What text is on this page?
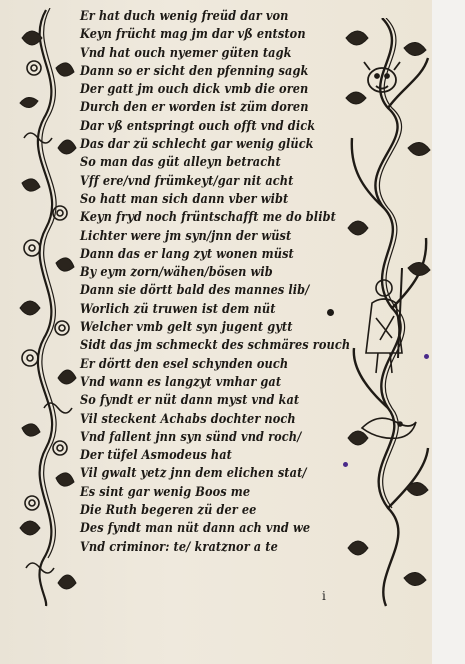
Er hat duch wenig freüd dar von
Keyn frücht mag jm dar vß entston
Vnd hat ouch nyemer güten tagk
Dann so er sicht den pfenning sagk
Der gatt jm ouch dick vmb die oren
Durch den er worden ist züm doren
Dar vß entspringt ouch offt vnd dick
Das dar zü schlecht gar wenig glück
So man das güt alleyn betracht
Vff ere/vnd frümkeyt/gar nit acht
So hatt man sich dann vber wibt
Keyn fryd noch früntschafft me do blibt
Lichter were jm syn/jnn der wüst
Dann das er lang zyt wonen müst
By eym zorn/wähen/bösen wib
Dann sie dörtt bald des mannes lib/
Worlich zü truwen ist dem nüt
Welcher vmb gelt syn jugent gytt
Sidt das jm schmeckt des schmäres rouch
Er dörtt den esel schynden ouch
Vnd wann es langzyt vmhar gat
So fyndt er nüt dann myst vnd kat
Vil steckent Achabs dochter noch
Vnd fallent jnn syn sünd vnd roch/
Der tüfel Asmodeus hat
Vil gwalt yetz jnn dem elichen stat/
Es sint gar wenig Boos me
Die Ruth begeren zü der ee
Des fyndt man nüt dann ach vnd we
Vnd criminor: te/ kratznor a te
i
